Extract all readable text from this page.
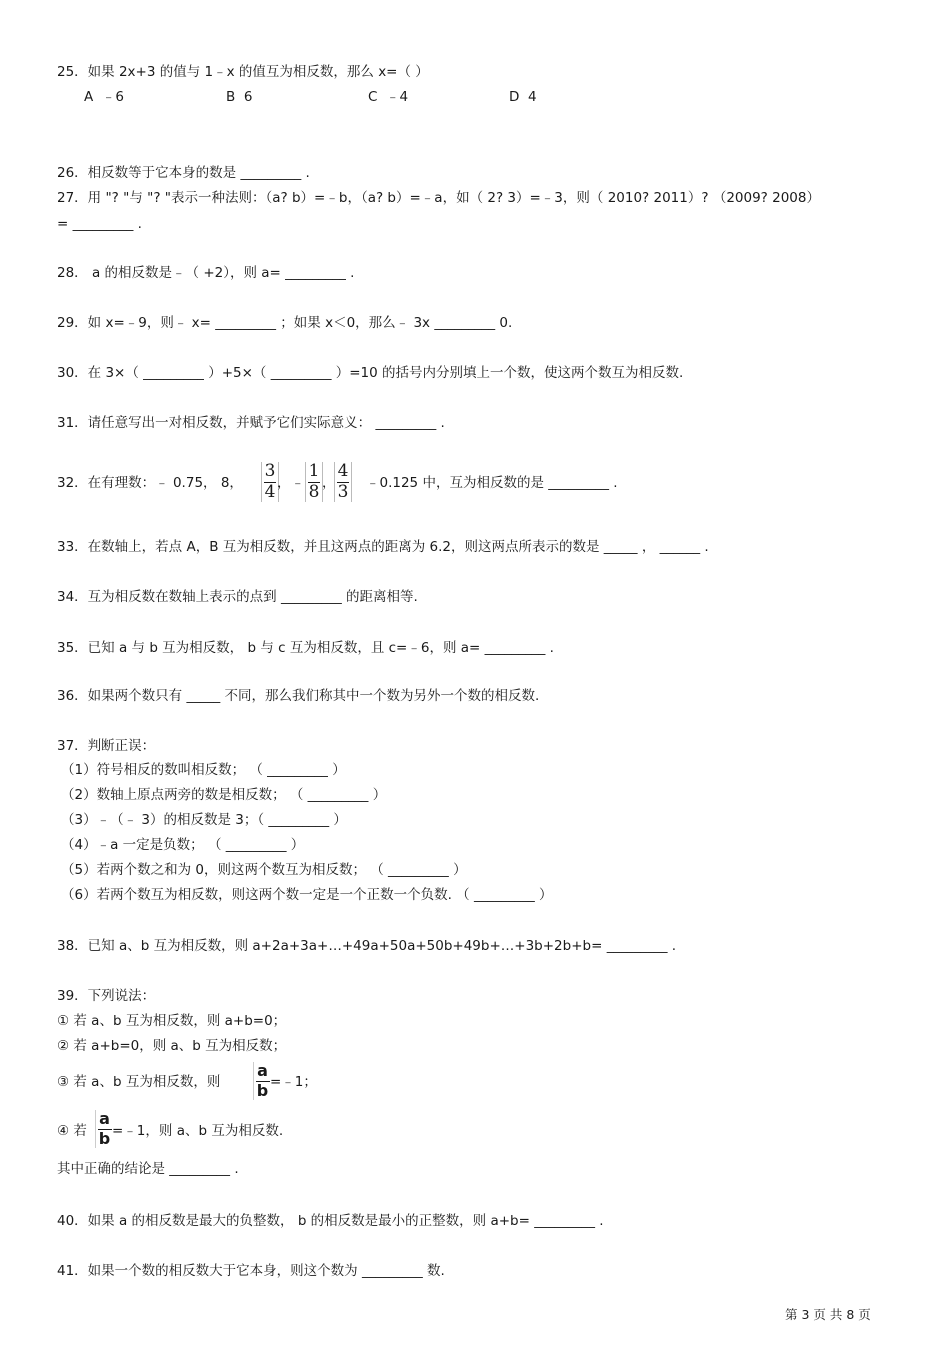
25．如果 2x+3 的值与 1﹣x 的值互为相反数，那么 x=（ ）
A ﹣6	B 6	C ﹣4	D 4
26．相反数等于它本身的数是 _________ .
27．用 "? "与 "? "表示一种法则：（a? b）=﹣b，（a? b）=﹣a，如（ 2? 3）=﹣3，则（ 2010? 2011）? （2009? 2008）
= _________ .
28． a 的相反数是﹣（ +2），则 a= _________ .
29．如 x=﹣9，则﹣ x= _________ ；如果 x＜0，那么﹣ 3x _________ 0.
30．在 3×（ _________ ）+5×（ _________ ）=10 的括号内分别填上一个数，使这两个数互为相反数.
31．请任意写出一对相反数，并赋予它们实际意义： _________ .
32．在有理数：﹣ 0.75， 8，
3
4 ， ﹣
1
8 ，
4
3 ﹣0.125 中，互为相反数的是 _________ .
33．在数轴上，若点 A，B 互为相反数，并且这两点的距离为 6.2，则这两点所表示的数是 _____ ， ______ .
34．互为相反数在数轴上表示的点到 _________ 的距离相等.
35．已知 a 与 b 互为相反数， b 与 c 互为相反数，且 c=﹣6，则 a= _________ .
36．如果两个数只有 _____ 不同，那么我们称其中一个数为另外一个数的相反数.
37．判断正误：
（1）符号相反的数叫相反数； （ _________ ）
（2）数轴上原点两旁的数是相反数； （ _________ ）
（3）﹣（﹣ 3）的相反数是 3；（ _________ ）
（4）﹣a 一定是负数； （ _________ ）
（5）若两个数之和为 0，则这两个数互为相反数； （ _________ ）
（6）若两个数互为相反数，则这两个数一定是一个正数一个负数. （ _________ ）
38．已知 a、b 互为相反数，则 a+2a+3a+…+49a+50a+50b+49b+…+3b+2b+b= _________ .
39．下列说法：
① 若 a、b 互为相反数，则 a+b=0；
② 若 a+b=0，则 a、b 互为相反数；
③ 若 a、b 互为相反数，则
a
b =﹣1；
④ 若
a
b =﹣1，则 a、b 互为相反数.
其中正确的结论是 _________ .
40．如果 a 的相反数是最大的负整数， b 的相反数是最小的正整数，则 a+b= _________ .
41．如果一个数的相反数大于它本身，则这个数为 _________ 数.
第 3 页 共 8 页
